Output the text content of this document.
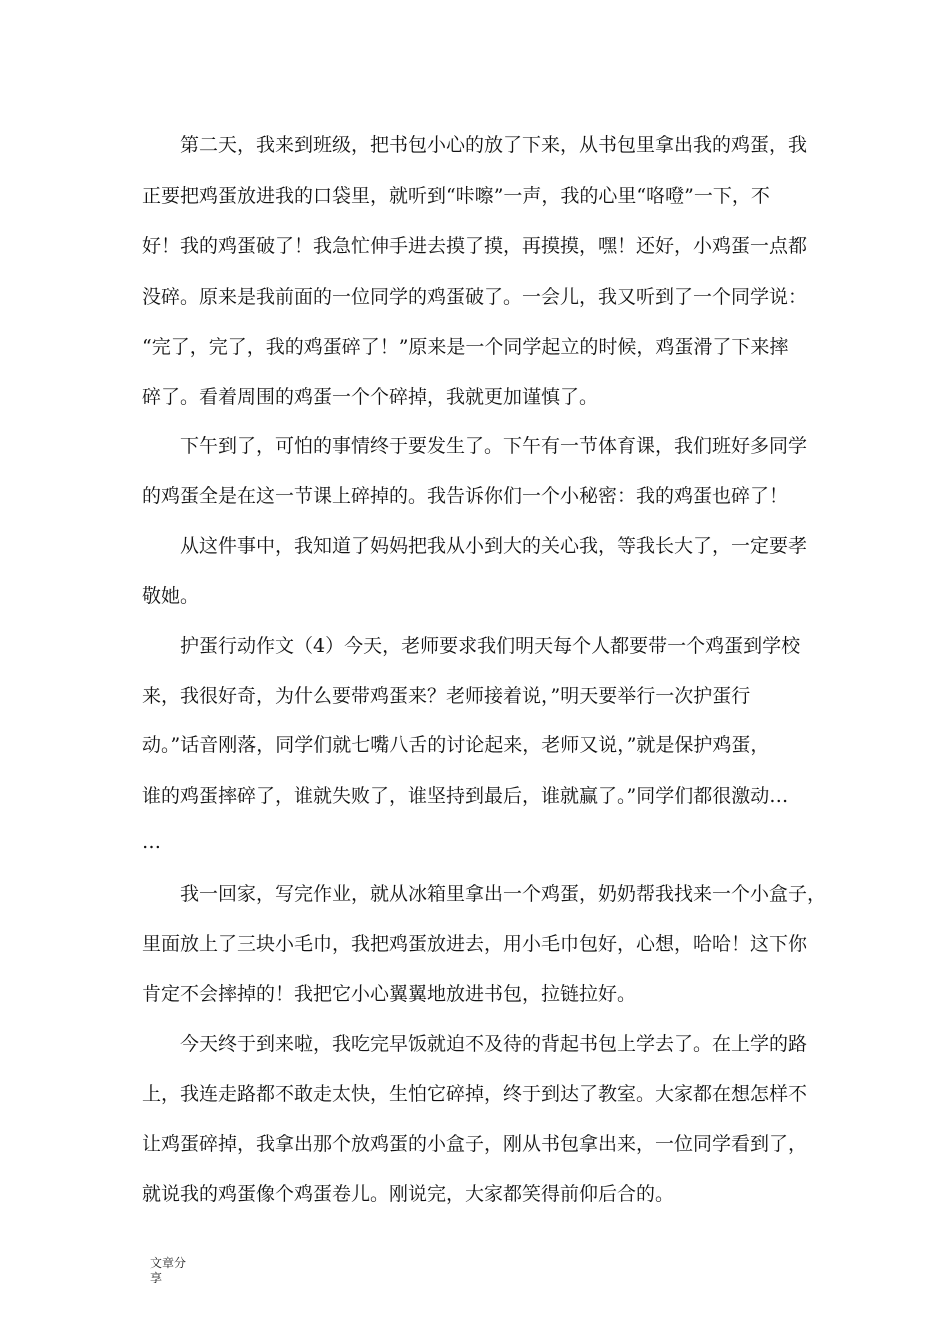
第二天，我来到班级，把书包小心的放了下来，从书包里拿出我的鸡蛋，我
正要把鸡蛋放进我的口袋里，就听到“咔嚓”一声，我的心里“咯噔”一下，不
好！我的鸡蛋破了！我急忙伸手进去摸了摸，再摸摸，嘿！还好，小鸡蛋一点都
没碎。原来是我前面的一位同学的鸡蛋破了。一会儿，我又听到了一个同学说：
“完了，完了，我的鸡蛋碎了！”原来是一个同学起立的时候，鸡蛋滑了下来摔
碎了。看着周围的鸡蛋一个个碎掉，我就更加谨慎了。
下午到了，可怕的事情终于要发生了。下午有一节体育课，我们班好多同学
的鸡蛋全是在这一节课上碎掉的。我告诉你们一个小秘密：我的鸡蛋也碎了！
从这件事中，我知道了妈妈把我从小到大的关心我，等我长大了，一定要孝
敬她。
护蛋行动作文（4）今天，老师要求我们明天每个人都要带一个鸡蛋到学校
来，我很好奇，为什么要带鸡蛋来？老师接着说，”明天要举行一次护蛋行
动。”话音刚落，同学们就七嘴八舌的讨论起来，老师又说，”就是保护鸡蛋，
谁的鸡蛋摔碎了，谁就失败了，谁坚持到最后，谁就赢了。”同学们都很激动…
…
我一回家，写完作业，就从冰箱里拿出一个鸡蛋，奶奶帮我找来一个小盒子，
里面放上了三块小毛巾，我把鸡蛋放进去，用小毛巾包好，心想，哈哈！这下你
肯定不会摔掉的！我把它小心翼翼地放进书包，拉链拉好。
今天终于到来啦，我吃完早饭就迫不及待的背起书包上学去了。在上学的路
上，我连走路都不敢走太快，生怕它碎掉，终于到达了教室。大家都在想怎样不
让鸡蛋碎掉，我拿出那个放鸡蛋的小盒子，刚从书包拿出来，一位同学看到了，
就说我的鸡蛋像个鸡蛋卷儿。刚说完，大家都笑得前仰后合的。
文章分
享
